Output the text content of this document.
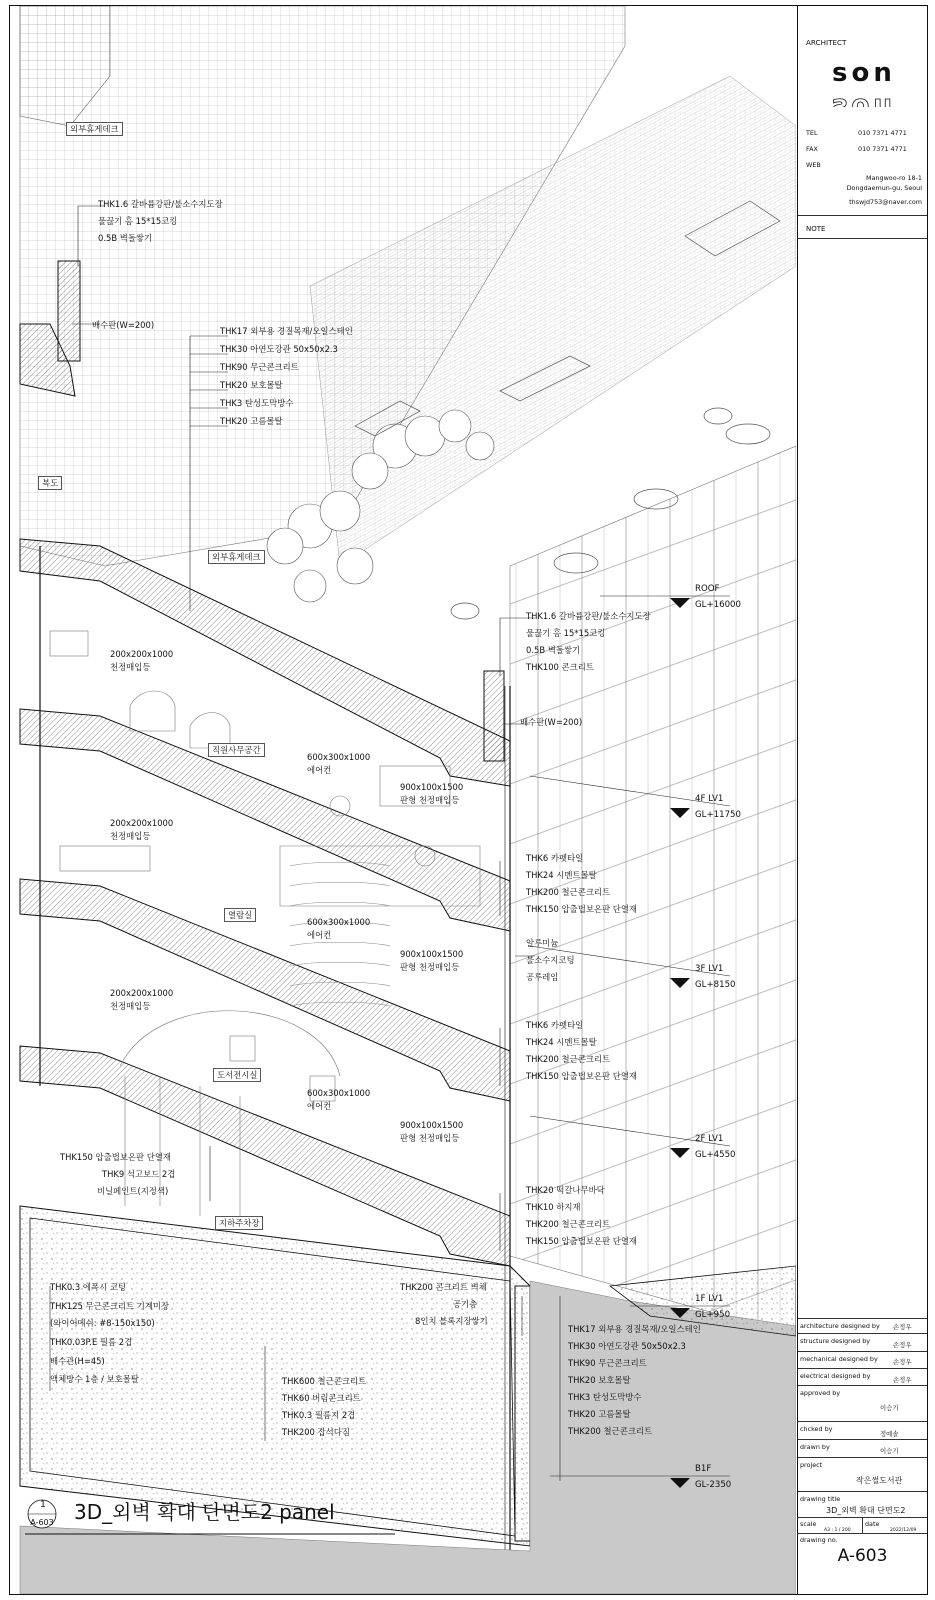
외부휴게데크
복도
외부휴게데크
직원사무공간
열람실
도서전시실
지하주차장
THK1.6 갈바륨강판/불소수지도장
물끊기 홈 15*15코킹
0.5B 벽돌쌓기
배수판(W=200)
THK17 외부용 경질목재/오일스테인
THK30 아연도강관 50x50x2.3
THK90 무근콘크리트
THK20 보호몰탈
THK3 탄성도막방수
THK20 고름몰탈
THK1.6 갈바륨강판/불소수지도장
물끊기 홈 15*15코킹
0.5B 벽돌쌓기
THK100 콘크리트
배수판(W=200)
200x200x1000
천정매입등
200x200x1000
천정매입등
200x200x1000
천정매입등
600x300x1000
에어컨
600x300x1000
에어컨
600x300x1000
에어컨
900x100x1500
판형 천정매입등
900x100x1500
판형 천정매입등
900x100x1500
판형 천정매입등
THK6 카펫타일
THK24 시멘트몰탈
THK200 철근콘크리트
THK150 압출법보온판 단열재
알루미늄
불소수지코팅
공루레임
THK6 카펫타일
THK24 시멘트몰탈
THK200 철근콘크리트
THK150 압출법보온판 단열재
THK150 압출법보온판 단열재
THK9 석고보드 2겹
비닐페인트(지정색)	THK20 떡갈나무바닥
THK10 하지재
THK200 철근콘크리트
THK150 압출법보온판 단열재
THK200 콘크리트 벽체
공기층
8인치 블록지장쌓기
THK0.3 에폭시 코팅
THK125 무근콘크리트 기계미장
(와이어메쉬: #8-150x150)
THK0.03P.E 필름 2겹
배수관(H=45)
액체방수 1층 / 보호몰탈	THK600 철근콘크리트
THK60 버림콘크리트
THK0.3 필름지 2겹
THK200 잡석다짐
THK17 외부용 경질목재/오일스테인
THK30 아연도강관 50x50x2.3
THK90 무근콘크리트
THK20 보호몰탈
THK3 탄성도막방수
THK20 고름몰탈
THK200 철근콘크리트
ROOF
GL+16000
4F LV1
GL+11750
3F LV1
GL+8150
2F LV1
GL+4550
1F LV1
GL+950
B1F
GL-2350
1
A-603	3D_외벽 확대 단면도2 panel
ARCHITECT
son
son
TEL	010 7371 4771
FAX	010 7371 4771
WEB
Mangwoo-ro 18-1
Dongdaemun-gu, Seoul
thswjd753@naver.com
NOTE
architecture designed by 손정우
structure designed by	손정우
mechanical designed by 손정우
electrical designed by	손정우
approved by
이승기
chcked by
정예솔
drawn by	이승기
project
작은썰도서관
drawing title
3D_외벽 확대 단면도2
scale
A3 : 1 / 200
date
2022/12/09
drawing no.
A-603
